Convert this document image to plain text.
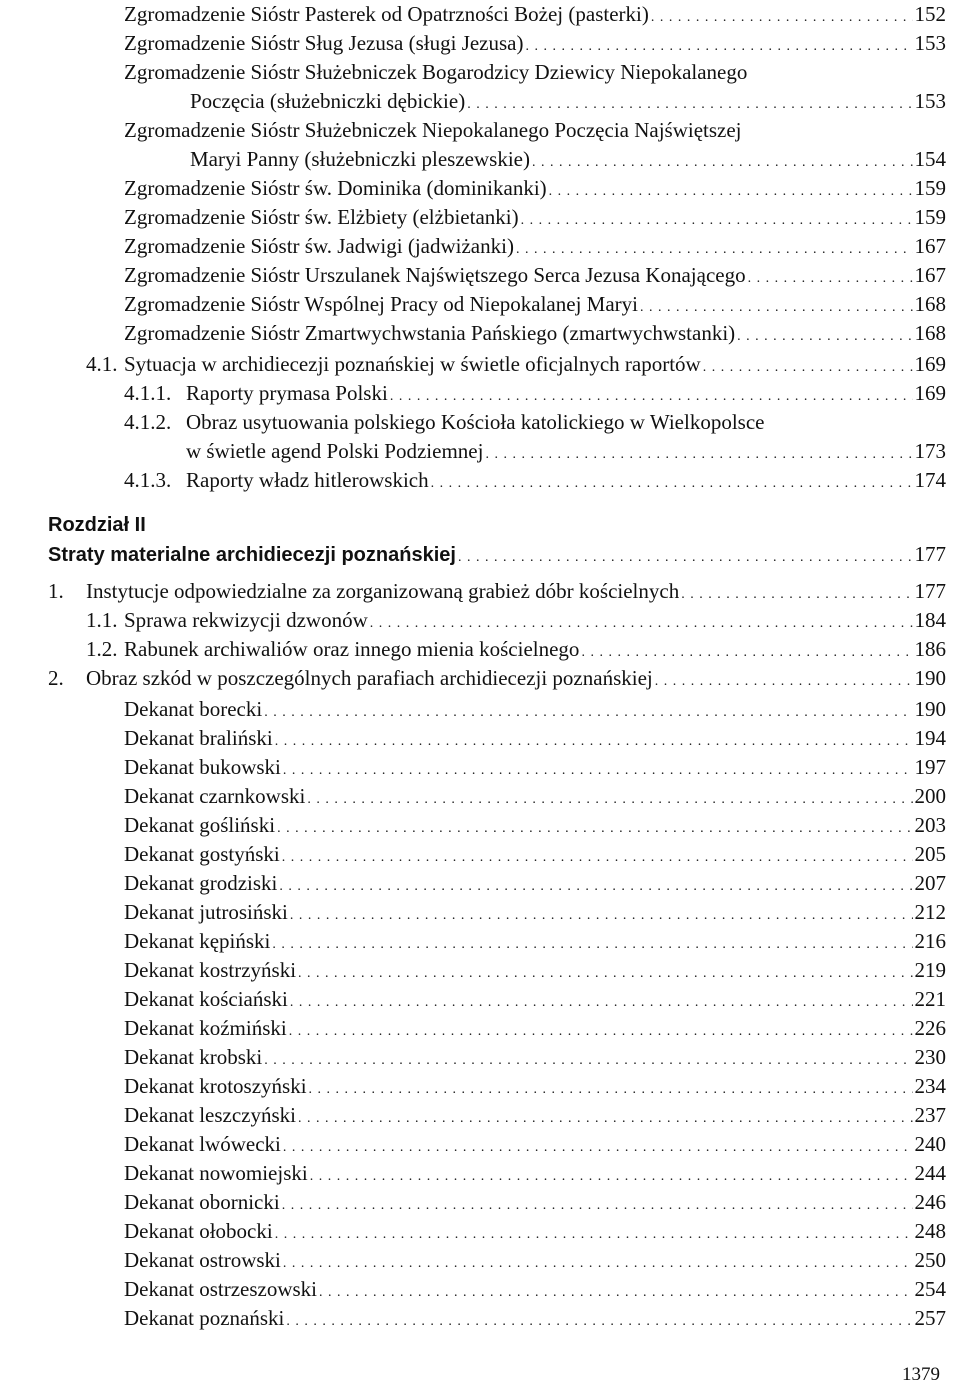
Zgromadzenie Sióstr Pasterek od Opatrzności Bożej (pasterki) . . .	152
Zgromadzenie Sióstr Sług Jezusa (sługi Jezusa) . . .	153
Zgromadzenie Sióstr Służebniczek Bogarodzicy Dziewicy Niepokalanego
Poczęcia (służebniczki dębickie) . . .	153
Zgromadzenie Sióstr Służebniczek Niepokalanego Poczęcia Najświętszej
Maryi Panny (służebniczki pleszewskie) . . .	154
Zgromadzenie Sióstr św. Dominika (dominikanki) . . .	159
Zgromadzenie Sióstr św. Elżbiety (elżbietanki) . . .	159
Zgromadzenie Sióstr św. Jadwigi (jadwiżanki) . . .	167
Zgromadzenie Sióstr Urszulanek Najświętszego Serca Jezusa Konającego . . .	167
Zgromadzenie Sióstr Wspólnej Pracy od Niepokalanej Maryi . . .	168
Zgromadzenie Sióstr Zmartwychwstania Pańskiego (zmartwychwstanki) . . .	168
4.1. Sytuacja w archidiecezji poznańskiej w świetle oficjalnych raportów . . .	169
4.1.1. Raporty prymasa Polski . . .	169
4.1.2. Obraz usytuowania polskiego Kościoła katolickiego w Wielkopolsce
w świetle agend Polski Podziemnej . . .	173
4.1.3. Raporty władz hitlerowskich . . .	174
Rozdział II
Straty materialne archidiecezji poznańskiej . . .	177
1.	Instytucje odpowiedzialne za zorganizowaną grabież dóbr kościelnych . . .	177
1.1. Sprawa rekwizycji dzwonów . . .	184
1.2. Rabunek archiwaliów oraz innego mienia kościelnego . . .	186
2.	Obraz szkód w poszczególnych parafiach archidiecezji poznańskiej . . .	190
Dekanat borecki . . .	190
Dekanat braliński . . .	194
Dekanat bukowski . . .	197
Dekanat czarnkowski . . .	200
Dekanat gośliński . . .	203
Dekanat gostyński . . .	205
Dekanat grodziski . . .	207
Dekanat jutrosiński . . .	212
Dekanat kępiński . . .	216
Dekanat kostrzyński . . .	219
Dekanat kościański . . .	221
Dekanat koźmiński . . .	226
Dekanat krobski . . .	230
Dekanat krotoszyński . . .	234
Dekanat leszczyński . . .	237
Dekanat lwówecki . . .	240
Dekanat nowomiejski . . .	244
Dekanat obornicki . . .	246
Dekanat ołobocki . . .	248
Dekanat ostrowski . . .	250
Dekanat ostrzeszowski . . .	254
Dekanat poznański . . .	257
1379
